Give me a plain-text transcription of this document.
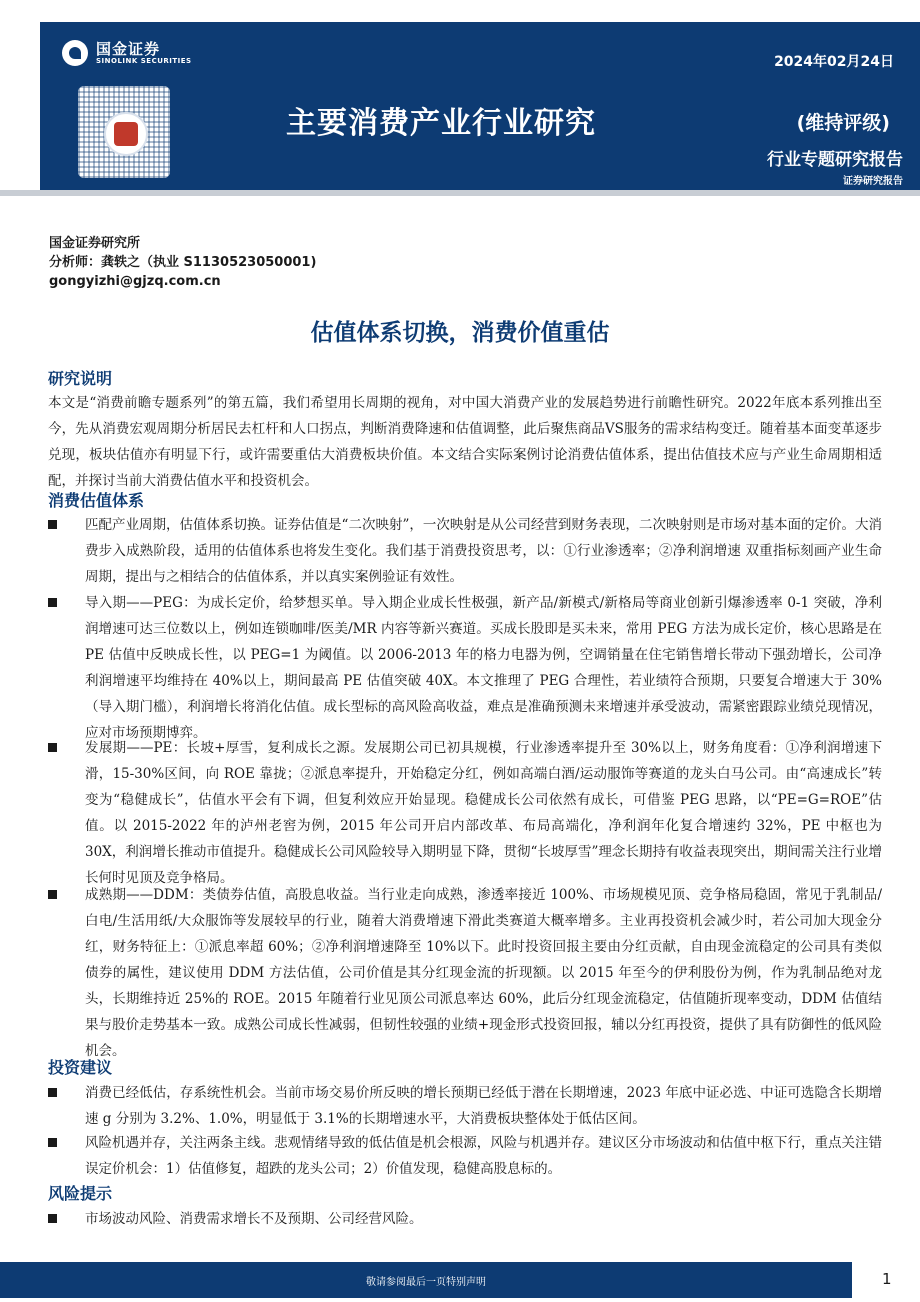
国金证券
SINOLINK SECURITIES
主要消费产业行业研究
2024年02月24日
(维持评级)
行业专题研究报告
证券研究报告
国金证券研究所
分析师：龚轶之（执业 S1130523050001)
gongyizhi@gjzq.com.cn
估值体系切换，消费价值重估
研究说明

本文是“消费前瞻专题系列”的第五篇，我们希望用长周期的视角，对中国大消费产业的发展趋势进行前瞻性研究。2022年底本系列推出至今，先从消费宏观周期分析居民去杠杆和人口拐点，判断消费降速和估值调整，此后聚焦商品VS服务的需求结构变迁。随着基本面变革逐步兑现，板块估值亦有明显下行，或许需要重估大消费板块价值。本文结合实际案例讨论消费估值体系，提出估值技术应与产业生命周期相适配，并探讨当前大消费估值水平和投资机会。

消费估值体系
匹配产业周期，估值体系切换。证券估值是“二次映射”，一次映射是从公司经营到财务表现，二次映射则是市场对基本面的定价。大消费步入成熟阶段，适用的估值体系也将发生变化。我们基于消费投资思考，以：①行业渗透率；②净利润增速 双重指标刻画产业生命周期，提出与之相结合的估值体系，并以真实案例验证有效性。
导入期——PEG：为成长定价，给梦想买单。导入期企业成长性极强，新产品/新模式/新格局等商业创新引爆渗透率 0-1 突破，净利润增速可达三位数以上，例如连锁咖啡/医美/MR 内容等新兴赛道。买成长股即是买未来，常用 PEG 方法为成长定价，核心思路是在 PE 估值中反映成长性，以 PEG=1 为阈值。以 2006-2013 年的格力电器为例，空调销量在住宅销售增长带动下强劲增长，公司净利润增速平均维持在 40%以上，期间最高 PE 估值突破 40X。本文推理了 PEG 合理性，若业绩符合预期，只要复合增速大于 30%（导入期门槛），利润增长将消化估值。成长型标的高风险高收益，难点是准确预测未来增速并承受波动，需紧密跟踪业绩兑现情况，应对市场预期博弈。
发展期——PE：长坡+厚雪，复利成长之源。发展期公司已初具规模，行业渗透率提升至 30%以上，财务角度看：①净利润增速下滑，15-30%区间，向 ROE 靠拢；②派息率提升，开始稳定分红，例如高端白酒/运动服饰等赛道的龙头白马公司。由“高速成长”转变为“稳健成长”，估值水平会有下调，但复利效应开始显现。稳健成长公司依然有成长，可借鉴 PEG 思路，以“PE=G=ROE”估值。以 2015-2022 年的泸州老窖为例，2015 年公司开启内部改革、布局高端化，净利润年化复合增速约 32%，PE 中枢也为 30X，利润增长推动市值提升。稳健成长公司风险较导入期明显下降，贯彻“长坡厚雪”理念长期持有收益表现突出，期间需关注行业增长何时见顶及竞争格局。
成熟期——DDM：类债券估值，高股息收益。当行业走向成熟，渗透率接近 100%、市场规模见顶、竞争格局稳固，常见于乳制品/白电/生活用纸/大众服饰等发展较早的行业，随着大消费增速下滑此类赛道大概率增多。主业再投资机会减少时，若公司加大现金分红，财务特征上：①派息率超 60%；②净利润增速降至 10%以下。此时投资回报主要由分红贡献，自由现金流稳定的公司具有类似债券的属性，建议使用 DDM 方法估值，公司价值是其分红现金流的折现额。以 2015 年至今的伊利股份为例，作为乳制品绝对龙头，长期维持近 25%的 ROE。2015 年随着行业见顶公司派息率达 60%，此后分红现金流稳定，估值随折现率变动，DDM 估值结果与股价走势基本一致。成熟公司成长性减弱，但韧性较强的业绩+现金形式投资回报，辅以分红再投资，提供了具有防御性的低风险机会。
投资建议
消费已经低估，存系统性机会。当前市场交易价所反映的增长预期已经低于潜在长期增速，2023 年底中证必选、中证可选隐含长期增速 g 分别为 3.2%、1.0%，明显低于 3.1%的长期增速水平，大消费板块整体处于低估区间。
风险机遇并存，关注两条主线。悲观情绪导致的低估值是机会根源，风险与机遇并存。建议区分市场波动和估值中枢下行，重点关注错误定价机会：1）估值修复，超跌的龙头公司；2）价值发现，稳健高股息标的。
风险提示
市场波动风险、消费需求增长不及预期、公司经营风险。
敬请参阅最后一页特别声明	1
